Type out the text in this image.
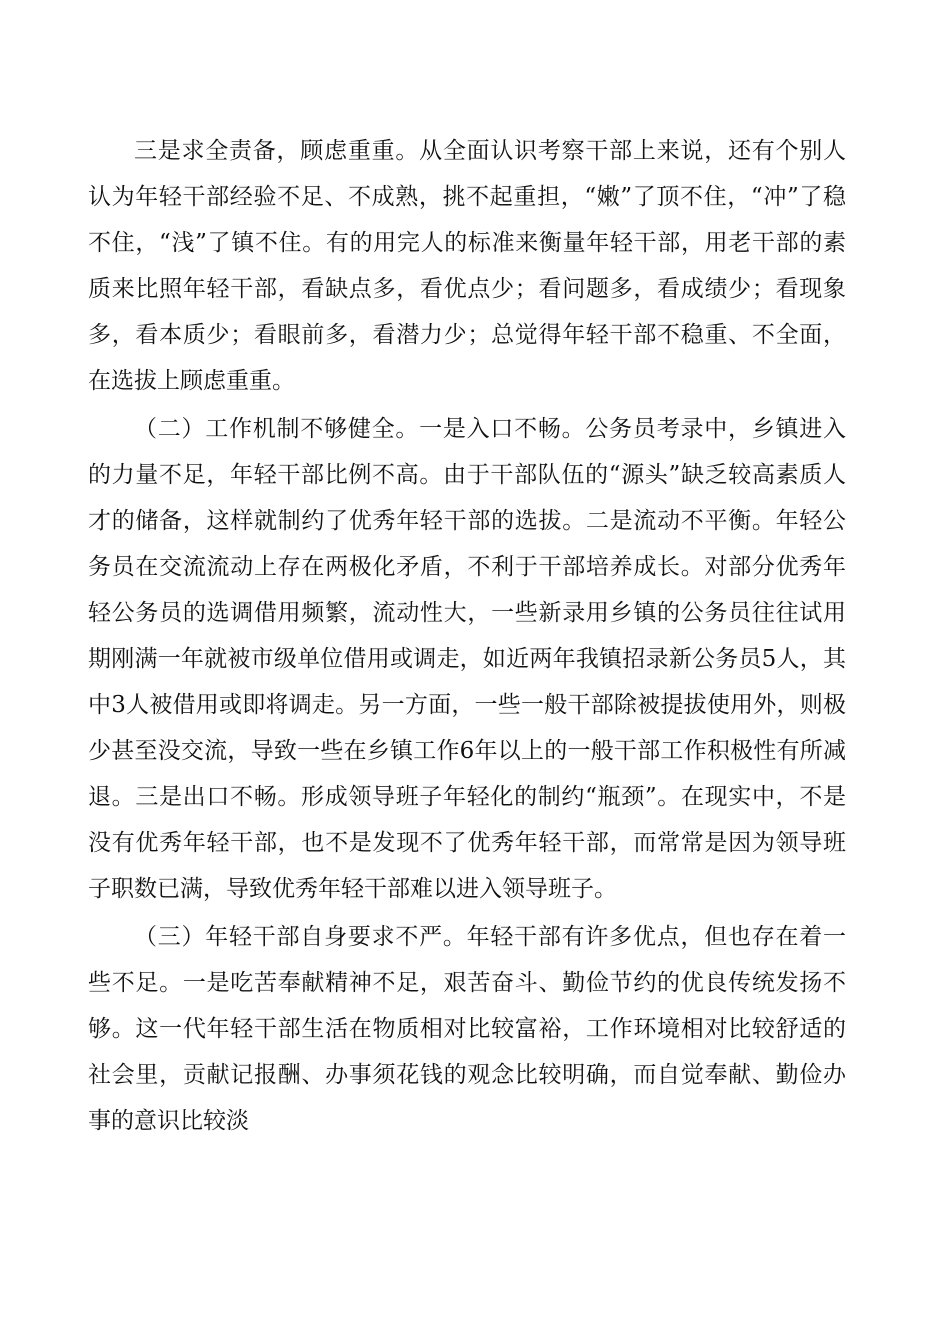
三是求全责备，顾虑重重。从全面认识考察干部上来说，还有个别人认为年轻干部经验不足、不成熟，挑不起重担，“嫩”了顶不住，“冲”了稳不住，“浅”了镇不住。有的用完人的标准来衡量年轻干部，用老干部的素质来比照年轻干部，看缺点多，看优点少；看问题多，看成绩少；看现象多，看本质少；看眼前多，看潜力少；总觉得年轻干部不稳重、不全面，在选拔上顾虑重重。

（二）工作机制不够健全。一是入口不畅。公务员考录中，乡镇进入的力量不足，年轻干部比例不高。由于干部队伍的“源头”缺乏较高素质人才的储备，这样就制约了优秀年轻干部的选拔。二是流动不平衡。年轻公务员在交流流动上存在两极化矛盾，不利于干部培养成长。对部分优秀年轻公务员的选调借用频繁，流动性大，一些新录用乡镇的公务员往往试用期刚满一年就被市级单位借用或调走，如近两年我镇招录新公务员5人，其中3人被借用或即将调走。另一方面，一些一般干部除被提拔使用外，则极少甚至没交流，导致一些在乡镇工作6年以上的一般干部工作积极性有所减退。三是出口不畅。形成领导班子年轻化的制约“瓶颈”。在现实中，不是没有优秀年轻干部，也不是发现不了优秀年轻干部，而常常是因为领导班子职数已满，导致优秀年轻干部难以进入领导班子。

（三）年轻干部自身要求不严。年轻干部有许多优点，但也存在着一些不足。一是吃苦奉献精神不足，艰苦奋斗、勤俭节约的优良传统发扬不够。这一代年轻干部生活在物质相对比较富裕，工作环境相对比较舒适的社会里，贡献记报酬、办事须花钱的观念比较明确，而自觉奉献、勤俭办事的意识比较淡
